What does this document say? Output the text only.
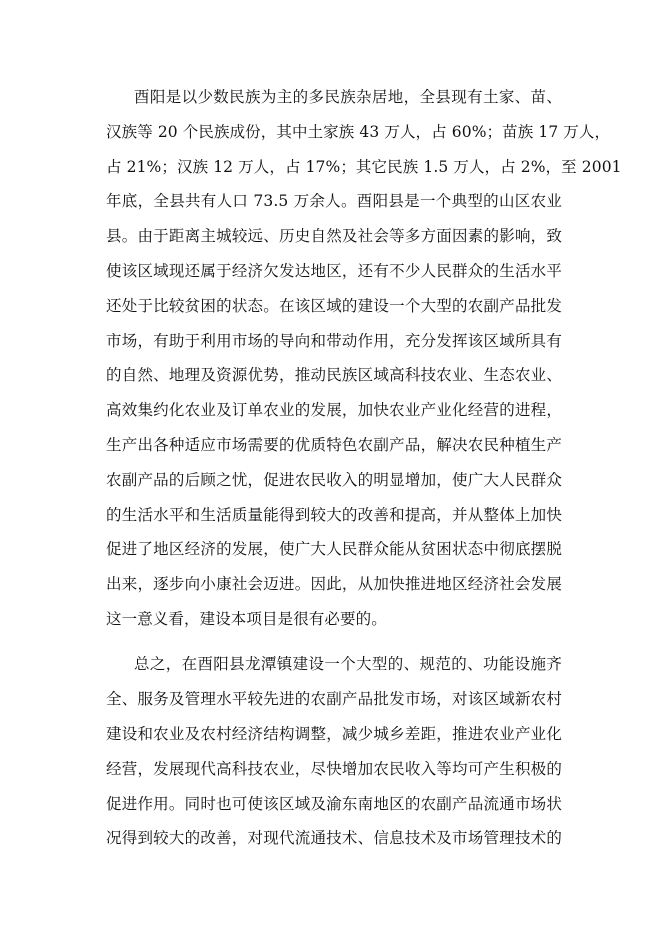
酉阳是以少数民族为主的多民族杂居地，全县现有土家、苗、
汉族等 20 个民族成份，其中土家族 43 万人，占 60%；苗族 17 万人，
占 21%；汉族 12 万人，占 17%；其它民族 1.5 万人，占 2%，至 2001
年底，全县共有人口 73.5 万余人。酉阳县是一个典型的山区农业
县。由于距离主城较远、历史自然及社会等多方面因素的影响，致
使该区域现还属于经济欠发达地区，还有不少人民群众的生活水平
还处于比较贫困的状态。在该区域的建设一个大型的农副产品批发
市场，有助于利用市场的导向和带动作用，充分发挥该区域所具有
的自然、地理及资源优势，推动民族区域高科技农业、生态农业、
高效集约化农业及订单农业的发展，加快农业产业化经营的进程，
生产出各种适应市场需要的优质特色农副产品，解决农民种植生产
农副产品的后顾之忧，促进农民收入的明显增加，使广大人民群众
的生活水平和生活质量能得到较大的改善和提高，并从整体上加快
促进了地区经济的发展，使广大人民群众能从贫困状态中彻底摆脱
出来，逐步向小康社会迈进。因此，从加快推进地区经济社会发展
这一意义看，建设本项目是很有必要的。
总之，在酉阳县龙潭镇建设一个大型的、规范的、功能设施齐
全、服务及管理水平较先进的农副产品批发市场，对该区域新农村
建设和农业及农村经济结构调整，减少城乡差距，推进农业产业化
经营，发展现代高科技农业，尽快增加农民收入等均可产生积极的
促进作用。同时也可使该区域及渝东南地区的农副产品流通市场状
况得到较大的改善，对现代流通技术、信息技术及市场管理技术的
